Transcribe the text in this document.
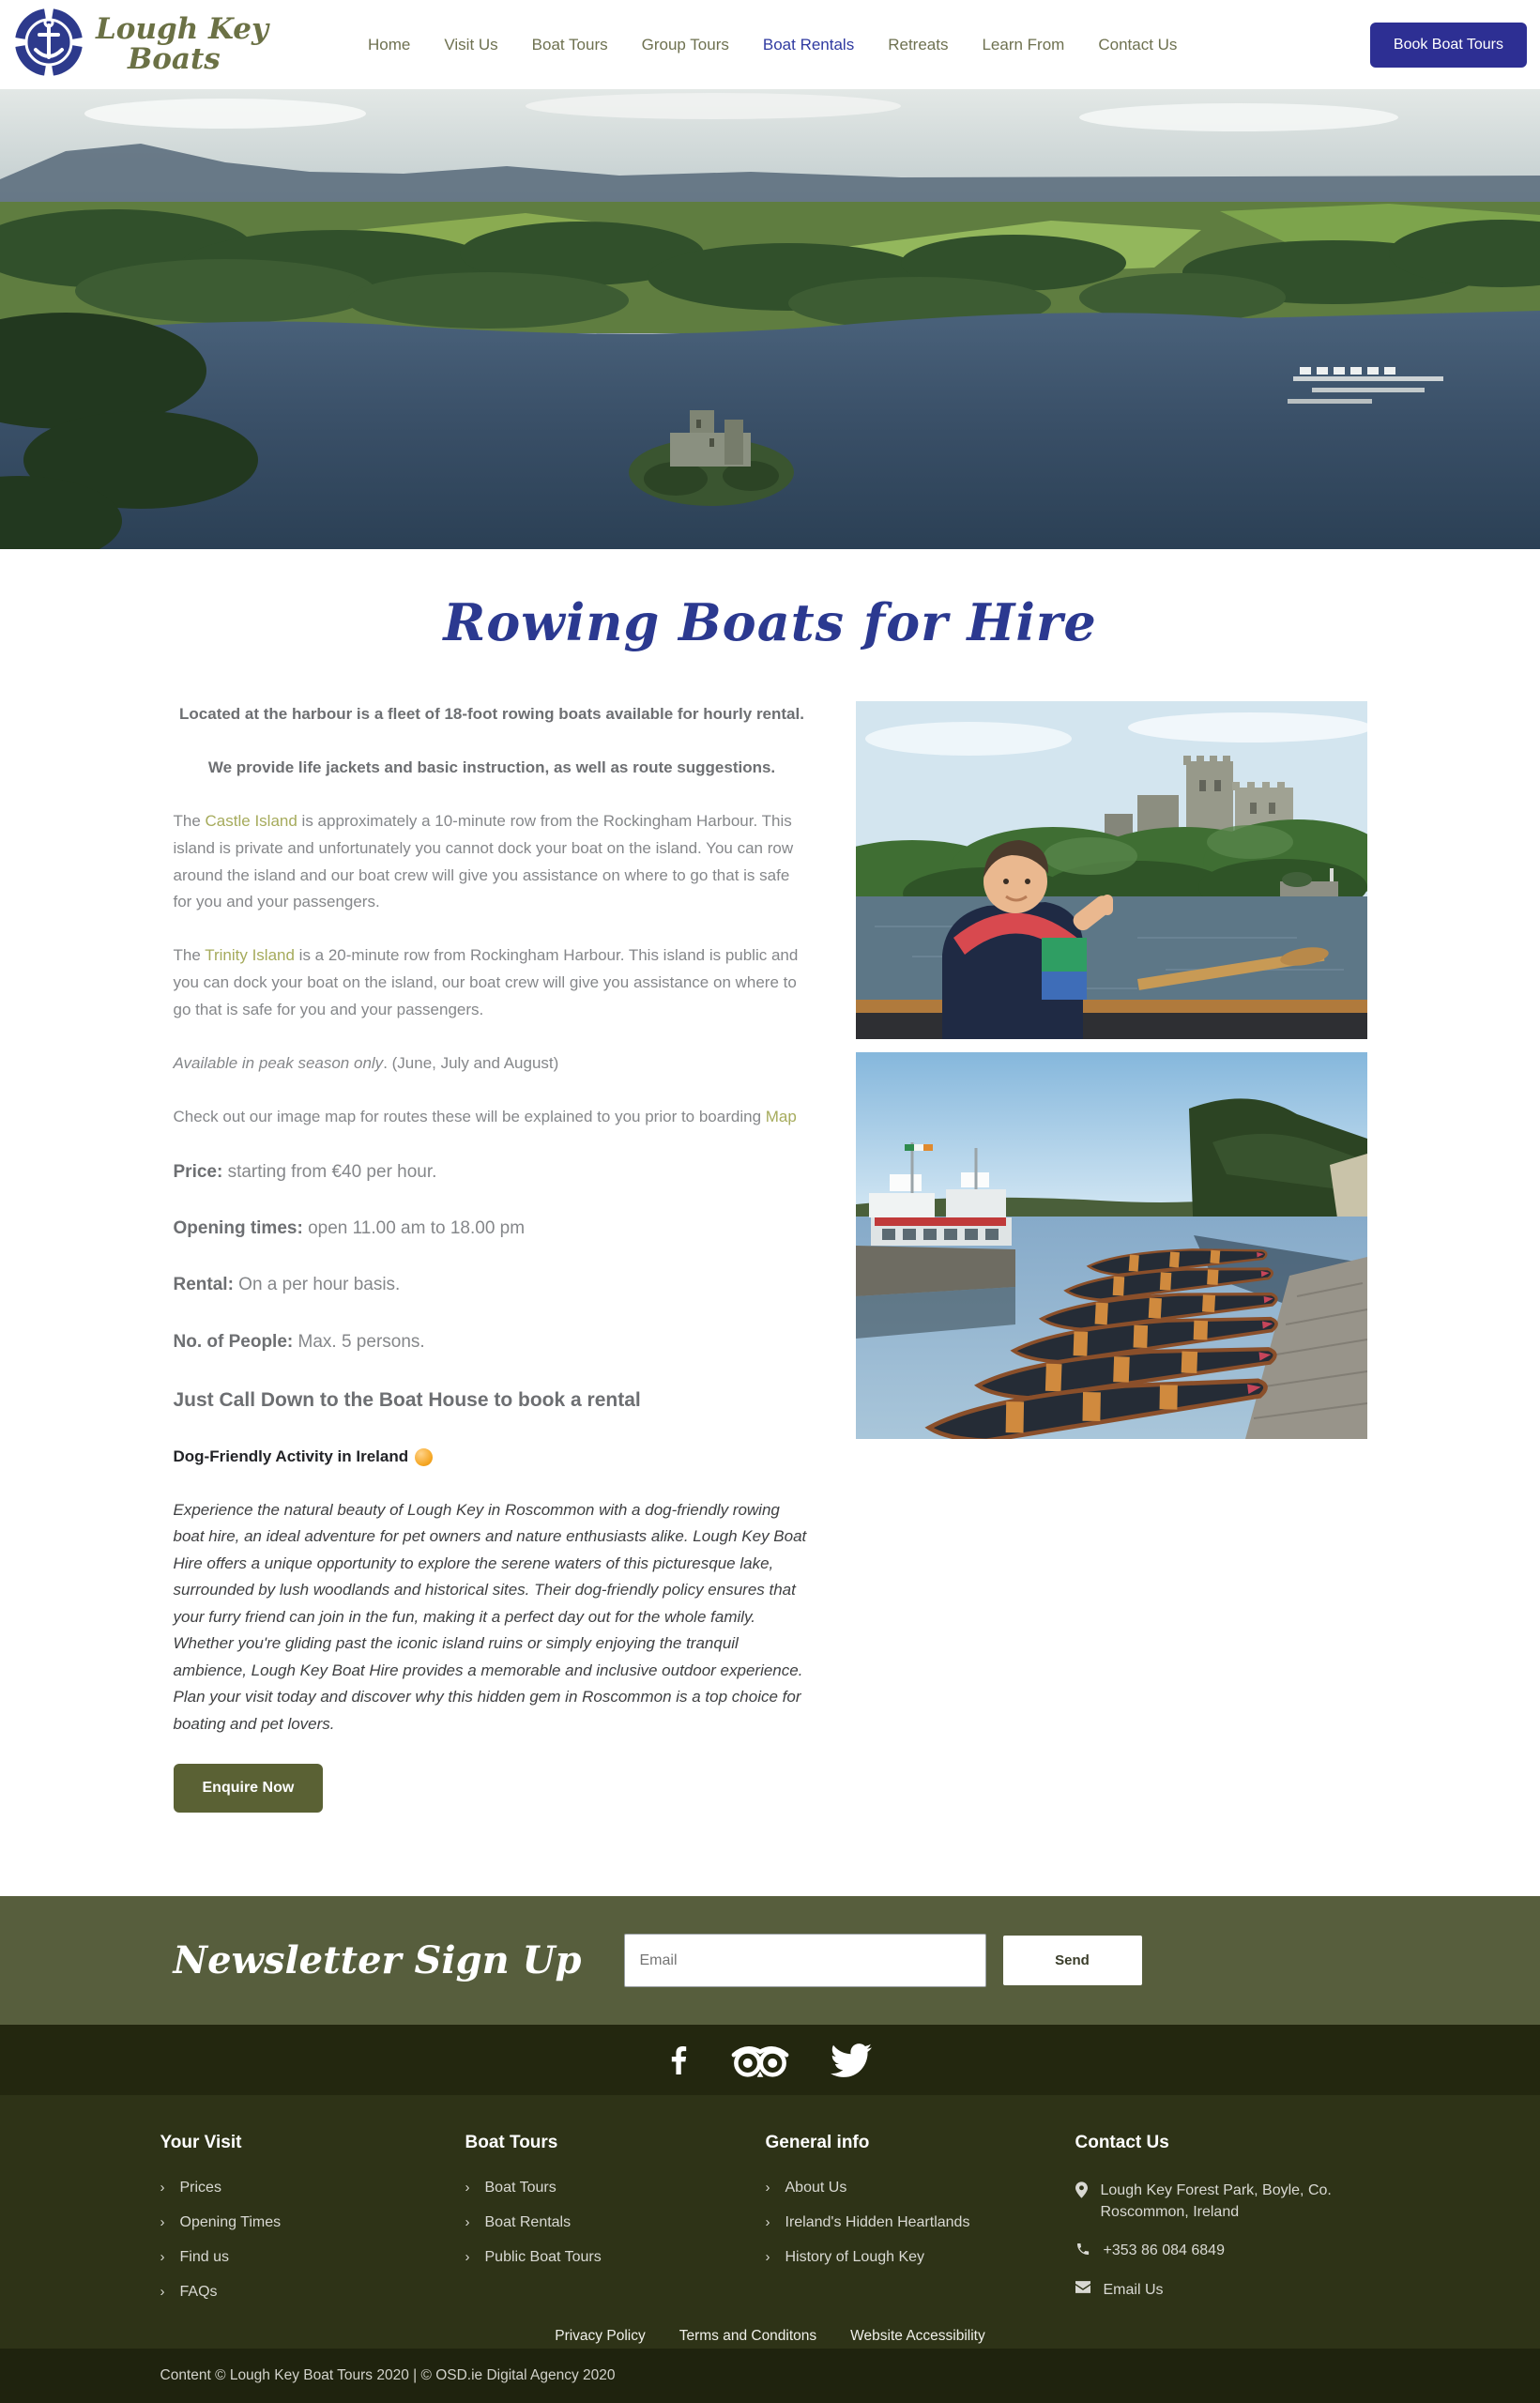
Lough Key
Boats	Home Visit Us Boat Tours Group Tours Boat Rentals Retreats Learn From Contact Us	Book Boat Tours
Rowing Boats for Hire

Located at the harbour is a fleet of 18-foot rowing boats available for hourly rental.

We provide life jackets and basic instruction, as well as route suggestions.

The Castle Island is approximately a 10-minute row from the Rockingham Harbour. This island is private and unfortunately you cannot dock your boat on the island. You can row around the island and our boat crew will give you assistance on where to go that is safe for you and your passengers.

The Trinity Island is a 20-minute row from Rockingham Harbour. This island is public and you can dock your boat on the island, our boat crew will give you assistance on where to go that is safe for you and your passengers.

Available in peak season only. (June, July and August)

Check out our image map for routes these will be explained to you prior to boarding Map

Price: starting from €40 per hour.

Opening times: open 11.00 am to 18.00 pm

Rental: On a per hour basis.

No. of People: Max. 5 persons.

Just Call Down to the Boat House to book a rental

Dog-Friendly Activity in Ireland

Experience the natural beauty of Lough Key in Roscommon with a dog-friendly rowing boat hire, an ideal adventure for pet owners and nature enthusiasts alike. Lough Key Boat Hire offers a unique opportunity to explore the serene waters of this picturesque lake, surrounded by lush woodlands and historical sites. Their dog-friendly policy ensures that your furry friend can join in the fun, making it a perfect day out for the whole family. Whether you're gliding past the iconic island ruins or simply enjoying the tranquil ambience, Lough Key Boat Hire provides a memorable and inclusive outdoor experience. Plan your visit today and discover why this hidden gem in Roscommon is a top choice for boating and pet lovers.

Enquire Now
Newsletter Sign Up
Email	Send
Your Visit
› Prices
› Opening Times
› Find us
› FAQs
Boat Tours
› Boat Tours
› Boat Rentals
› Public Boat Tours
General info
› About Us
› Ireland's Hidden Heartlands
› History of Lough Key
Contact Us
Lough Key Forest Park, Boyle, Co. Roscommon, Ireland
+353 86 084 6849
Email Us
Privacy Policy Terms and Conditons Website Accessibility
Content © Lough Key Boat Tours 2020 | © OSD.ie Digital Agency 2020
